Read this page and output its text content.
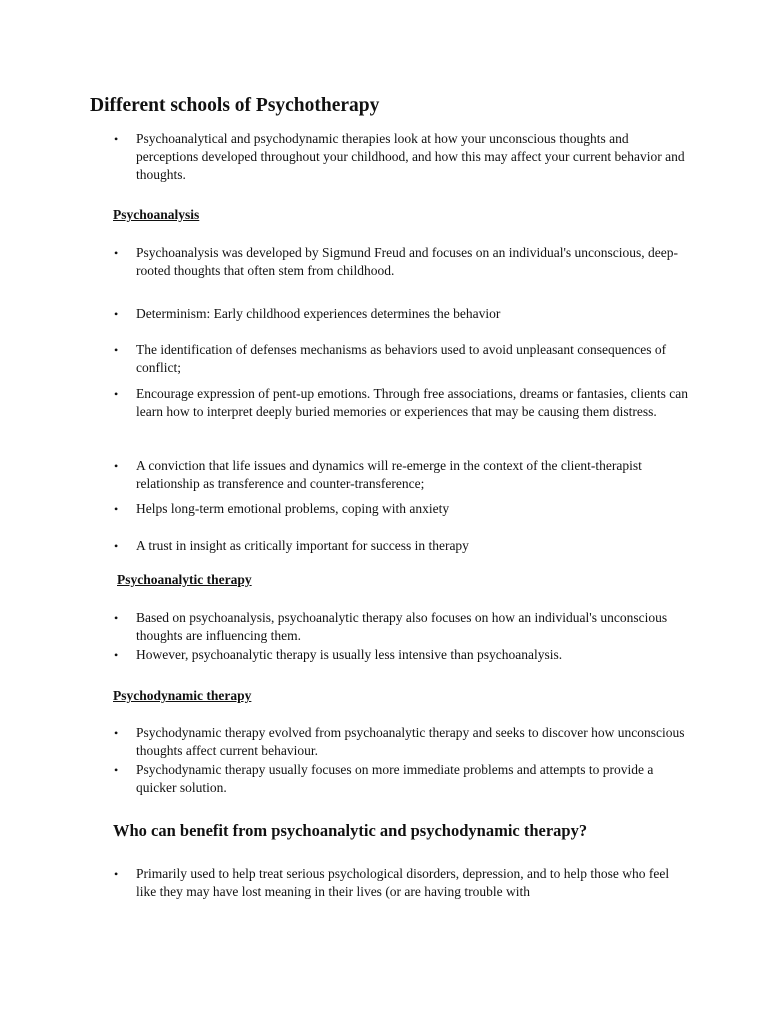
Different schools of Psychotherapy
•	Psychoanalytical and psychodynamic therapies look at how your unconscious thoughts and perceptions developed throughout your childhood, and how this may affect your current behavior and thoughts.
Psychoanalysis
•	Psychoanalysis was developed by Sigmund Freud and focuses on an individual's unconscious, deep-rooted thoughts that often stem from childhood.
•	Determinism: Early childhood experiences determines the behavior
•	The identification of defenses mechanisms as behaviors used to avoid unpleasant consequences of conflict;
•	Encourage expression of pent-up emotions. Through free associations, dreams or fantasies, clients can learn how to interpret deeply buried memories or experiences that may be causing them distress.
•	A conviction that life issues and dynamics will re-emerge in the context of the client-therapist relationship as transference and counter-transference;
•	Helps long-term emotional problems, coping with anxiety
•	A trust in insight as critically important for success in therapy
Psychoanalytic therapy
•	Based on psychoanalysis, psychoanalytic therapy also focuses on how an individual's unconscious thoughts are influencing them.
•	However, psychoanalytic therapy is usually less intensive than psychoanalysis.
Psychodynamic therapy
•	Psychodynamic therapy evolved from psychoanalytic therapy and seeks to discover how unconscious thoughts affect current behaviour.
•	Psychodynamic therapy usually focuses on more immediate problems and attempts to provide a quicker solution.
Who can benefit from psychoanalytic and psychodynamic therapy?
•	Primarily used to help treat serious psychological disorders, depression, and to help those who feel like they may have lost meaning in their lives (or are having trouble with
